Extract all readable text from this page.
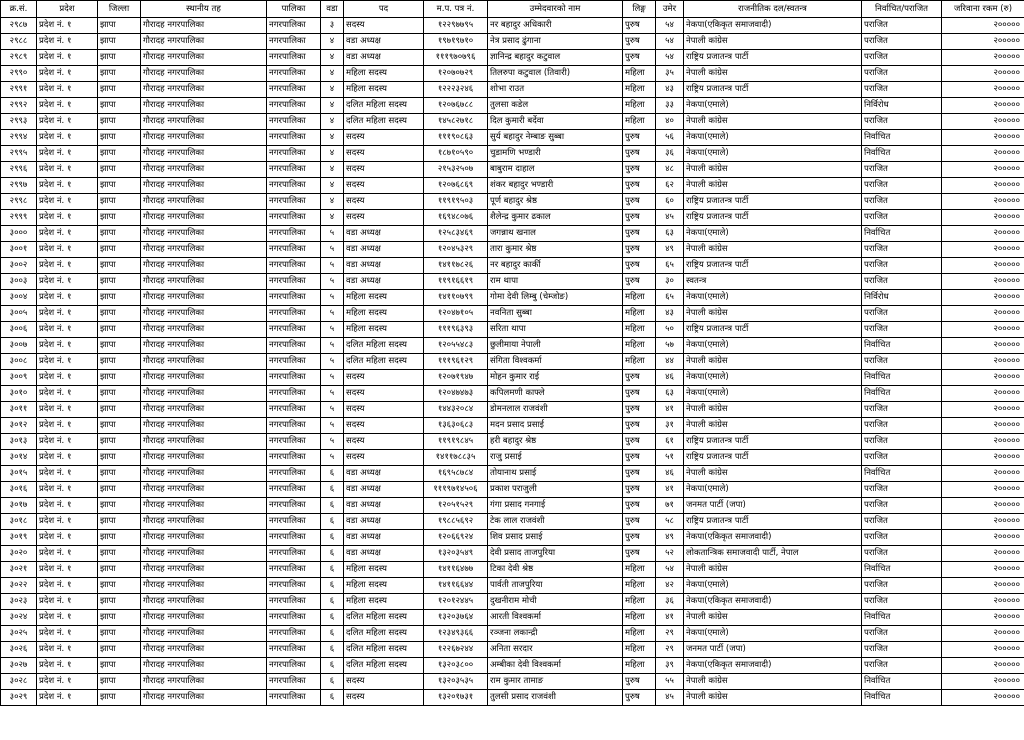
क्र.सं.	प्रदेश	जिल्ला	स्थानीय तह	पालिका	वडा	पद	म.प. पत्र नं.	उम्मेदवारको नाम	लिङ्ग	उमेर	राजनीतिक दल/स्वतन्त्र	निर्वाचित/पराजित	जरिवाना रकम (रु)
२९८७	प्रदेश नं. १	झापा	गौरादह नगरपालिका	नगरपालिका	३	सदस्य	१२२९७७९५	नर बहादुर अधिकारी	पुरुष	५४	नेकपा(एकिकृत समाजवादी)	पराजित	२०००००
२९८८	प्रदेश नं. १	झापा	गौरादह नगरपालिका	नगरपालिका	४	वडा अध्यक्ष	१९७१९७१०	नेत्र प्रसाद ढुंगाना	पुरुष	५४	नेपाली कांग्रेस	पराजित	२०००००
२९८९	प्रदेश नं. १	झापा	गौरादह नगरपालिका	नगरपालिका	४	वडा अध्यक्ष	१११९७०७९६	ज्ञानिन्द्र बहादुर कटुवाल	पुरुष	५४	राष्ट्रिय प्रजातन्त्र पार्टी	पराजित	२०००००
२९९०	प्रदेश नं. १	झापा	गौरादह नगरपालिका	नगरपालिका	४	महिला सदस्य	१२०७०७२९	तिलरुपा कटुवाल (तिवारी)	महिला	३५	नेपाली कांग्रेस	पराजित	२०००००
२९९१	प्रदेश नं. १	झापा	गौरादह नगरपालिका	नगरपालिका	४	महिला सदस्य	१२२२३२४६	शोभा राउत	महिला	४३	राष्ट्रिय प्रजातन्त्र पार्टी	पराजित	२०००००
२९९२	प्रदेश नं. १	झापा	गौरादह नगरपालिका	नगरपालिका	४	दलित महिला सदस्य	१२०७६७८८	तुलसा कडेल	महिला	३३	नेकपा(एमाले)	निर्विरोध	२०००००
२९९३	प्रदेश नं. १	झापा	गौरादह नगरपालिका	नगरपालिका	४	दलित महिला सदस्य	१४५८२७१८	दिल कुमारी बर्देवा	महिला	४०	नेपाली कांग्रेस	पराजित	२०००००
२९९४	प्रदेश नं. १	झापा	गौरादह नगरपालिका	नगरपालिका	४	सदस्य	१११९०८६३	सुर्य बहादुर नेम्बाङ सुब्बा	पुरुष	५६	नेकपा(एमाले)	निर्वाचित	२०००००
२९९५	प्रदेश नं. १	झापा	गौरादह नगरपालिका	नगरपालिका	४	सदस्य	१८७१०५९०	चुडामणि भण्डारी	पुरुष	३६	नेकपा(एमाले)	निर्वाचित	२०००००
२९९६	प्रदेश नं. १	झापा	गौरादह नगरपालिका	नगरपालिका	४	सदस्य	२१५३२५०७	बाबुराम दाहाल	पुरुष	४८	नेपाली कांग्रेस	पराजित	२०००००
२९९७	प्रदेश नं. १	झापा	गौरादह नगरपालिका	नगरपालिका	४	सदस्य	१२०७६८६९	शंकर बहादुर भण्डारी	पुरुष	६२	नेपाली कांग्रेस	पराजित	२०००००
२९९८	प्रदेश नं. १	झापा	गौरादह नगरपालिका	नगरपालिका	४	सदस्य	११९१९५०३	पूर्ण बहादुर श्रेष्ठ	पुरुष	६०	राष्ट्रिय प्रजातन्त्र पार्टी	पराजित	२०००००
२९९९	प्रदेश नं. १	झापा	गौरादह नगरपालिका	नगरपालिका	४	सदस्य	१६९४८०७६	शैलेन्द्र कुमार ढकाल	पुरुष	४५	राष्ट्रिय प्रजातन्त्र पार्टी	पराजित	२०००००
३०००	प्रदेश नं. १	झापा	गौरादह नगरपालिका	नगरपालिका	५	वडा अध्यक्ष	१२५८३४६९	जगन्नाथ खनाल	पुरुष	६३	नेकपा(एमाले)	निर्वाचित	२०००००
३००१	प्रदेश नं. १	झापा	गौरादह नगरपालिका	नगरपालिका	५	वडा अध्यक्ष	१२०४५३२९	तारा कुमार श्रेष्ठ	पुरुष	४९	नेपाली कांग्रेस	पराजित	२०००००
३००२	प्रदेश नं. १	झापा	गौरादह नगरपालिका	नगरपालिका	५	वडा अध्यक्ष	१४११७८२६	नर बहादुर कार्की	पुरुष	६५	राष्ट्रिय प्रजातन्त्र पार्टी	पराजित	२०००००
३००३	प्रदेश नं. १	झापा	गौरादह नगरपालिका	नगरपालिका	५	वडा अध्यक्ष	११९१६६१९	राम थापा	पुरुष	३०	स्वतन्त्र	पराजित	२०००००
३००४	प्रदेश नं. १	झापा	गौरादह नगरपालिका	नगरपालिका	५	महिला सदस्य	१४११०७९९	गोमा देवी लिम्बु (चेम्जोङ)	महिला	६५	नेकपा(एमाले)	निर्विरोध	२०००००
३००५	प्रदेश नं. १	झापा	गौरादह नगरपालिका	नगरपालिका	५	महिला सदस्य	१२०४७१०५	नवनिता सुब्बा	महिला	४३	नेपाली कांग्रेस	पराजित	२०००००
३००६	प्रदेश नं. १	झापा	गौरादह नगरपालिका	नगरपालिका	५	महिला सदस्य	१११९६३९३	सरिता थापा	महिला	५०	राष्ट्रिय प्रजातन्त्र पार्टी	पराजित	२०००००
३००७	प्रदेश नं. १	झापा	गौरादह नगरपालिका	नगरपालिका	५	दलित महिला सदस्य	१२०५५४८३	छुलीमाया नेपाली	महिला	५७	नेकपा(एमाले)	निर्वाचित	२०००००
३००८	प्रदेश नं. १	झापा	गौरादह नगरपालिका	नगरपालिका	५	दलित महिला सदस्य	१११९६१२९	संगिता विश्वकर्मा	महिला	४४	नेपाली कांग्रेस	पराजित	२०००००
३००९	प्रदेश नं. १	झापा	गौरादह नगरपालिका	नगरपालिका	५	सदस्य	१२०७१९४७	मोहन कुमार राई	पुरुष	४६	नेकपा(एमाले)	निर्वाचित	२०००००
३०१०	प्रदेश नं. १	झापा	गौरादह नगरपालिका	नगरपालिका	५	सदस्य	१२०४७४७३	कपिलमणी काफ्ले	पुरुष	६३	नेकपा(एमाले)	निर्वाचित	२०००००
३०११	प्रदेश नं. १	झापा	गौरादह नगरपालिका	नगरपालिका	५	सदस्य	१४४३२०८४	डोमनलाल राजवंशी	पुरुष	४१	नेपाली कांग्रेस	पराजित	२०००००
३०१२	प्रदेश नं. १	झापा	गौरादह नगरपालिका	नगरपालिका	५	सदस्य	१३६३०६८३	मदन प्रसाद प्रसाई	पुरुष	३१	नेपाली कांग्रेस	पराजित	२०००००
३०१३	प्रदेश नं. १	झापा	गौरादह नगरपालिका	नगरपालिका	५	सदस्य	११९१९८४५	हरी बहादुर श्रेष्ठ	पुरुष	६१	राष्ट्रिय प्रजातन्त्र पार्टी	पराजित	२०००००
३०१४	प्रदेश नं. १	झापा	गौरादह नगरपालिका	नगरपालिका	५	सदस्य	१४११७८८३५	राजु प्रसाई	पुरुष	५१	राष्ट्रिय प्रजातन्त्र पार्टी	पराजित	२०००००
३०१५	प्रदेश नं. १	झापा	गौरादह नगरपालिका	नगरपालिका	६	वडा अध्यक्ष	१६९५८७८४	तोयानाथ प्रसाई	पुरुष	४६	नेपाली कांग्रेस	निर्वाचित	२०००००
३०१६	प्रदेश नं. १	झापा	गौरादह नगरपालिका	नगरपालिका	६	वडा अध्यक्ष	१११९७१४५०६	प्रकाश पराजुली	पुरुष	४१	नेकपा(एमाले)	पराजित	२०००००
३०१७	प्रदेश नं. १	झापा	गौरादह नगरपालिका	नगरपालिका	६	वडा अध्यक्ष	१२०५१५२९	गंगा प्रसाद गनगाई	पुरुष	७१	जनमत पार्टी (जपा)	पराजित	२०००००
३०१८	प्रदेश नं. १	झापा	गौरादह नगरपालिका	नगरपालिका	६	वडा अध्यक्ष	१९८८५६९२	टेक लाल राजवंशी	पुरुष	५८	राष्ट्रिय प्रजातन्त्र पार्टी	पराजित	२०००००
३०१९	प्रदेश नं. १	झापा	गौरादह नगरपालिका	नगरपालिका	६	वडा अध्यक्ष	१२०६६९२४	शिव प्रसाद प्रसाई	पुरुष	४९	नेकपा(एकिकृत समाजवादी)	पराजित	२०००००
३०२०	प्रदेश नं. १	झापा	गौरादह नगरपालिका	नगरपालिका	६	वडा अध्यक्ष	१३२०३५४९	देवी प्रसाद ताजपुरिया	पुरुष	५२	लोकतान्त्रिक समाजवादी पार्टी, नेपाल	पराजित	२०००००
३०२१	प्रदेश नं. १	झापा	गौरादह नगरपालिका	नगरपालिका	६	महिला सदस्य	१४११६४७७	टिका देवी श्रेष्ठ	महिला	५४	नेपाली कांग्रेस	निर्वाचित	२०००००
३०२२	प्रदेश नं. १	झापा	गौरादह नगरपालिका	नगरपालिका	६	महिला सदस्य	१४११६६४४	पार्वती ताजपुरिया	महिला	४२	नेकपा(एमाले)	पराजित	२०००००
३०२३	प्रदेश नं. १	झापा	गौरादह नगरपालिका	नगरपालिका	६	महिला सदस्य	१२०१२४४५	दुखनीराम मोची	महिला	३६	नेकपा(एकिकृत समाजवादी)	पराजित	२०००००
३०२४	प्रदेश नं. १	झापा	गौरादह नगरपालिका	नगरपालिका	६	दलित महिला सदस्य	१३२०३७६४	आरती विश्वकर्मा	महिला	४१	नेपाली कांग्रेस	निर्वाचित	२०००००
३०२५	प्रदेश नं. १	झापा	गौरादह नगरपालिका	नगरपालिका	६	दलित महिला सदस्य	१२३४९३६६	रञ्जना लकान्द्री	महिला	२९	नेकपा(एमाले)	पराजित	२०००००
३०२६	प्रदेश नं. १	झापा	गौरादह नगरपालिका	नगरपालिका	६	दलित महिला सदस्य	१२२६७२४४	अनिता सरदार	महिला	२९	जनमत पार्टी (जपा)	पराजित	२०००००
३०२७	प्रदेश नं. १	झापा	गौरादह नगरपालिका	नगरपालिका	६	दलित महिला सदस्य	१३२०३८००	अम्बीका देवी विश्वकर्मा	महिला	३९	नेकपा(एकिकृत समाजवादी)	पराजित	२०००००
३०२८	प्रदेश नं. १	झापा	गौरादह नगरपालिका	नगरपालिका	६	सदस्य	१३२०३५३५	राम कुमार तामाङ	पुरुष	५५	नेपाली कांग्रेस	निर्वाचित	२०००००
३०२९	प्रदेश नं. १	झापा	गौरादह नगरपालिका	नगरपालिका	६	सदस्य	१३२०१७३१	तुलसी प्रसाद राजवंशी	पुरुष	४५	नेपाली कांग्रेस	निर्वाचित	२०००००
